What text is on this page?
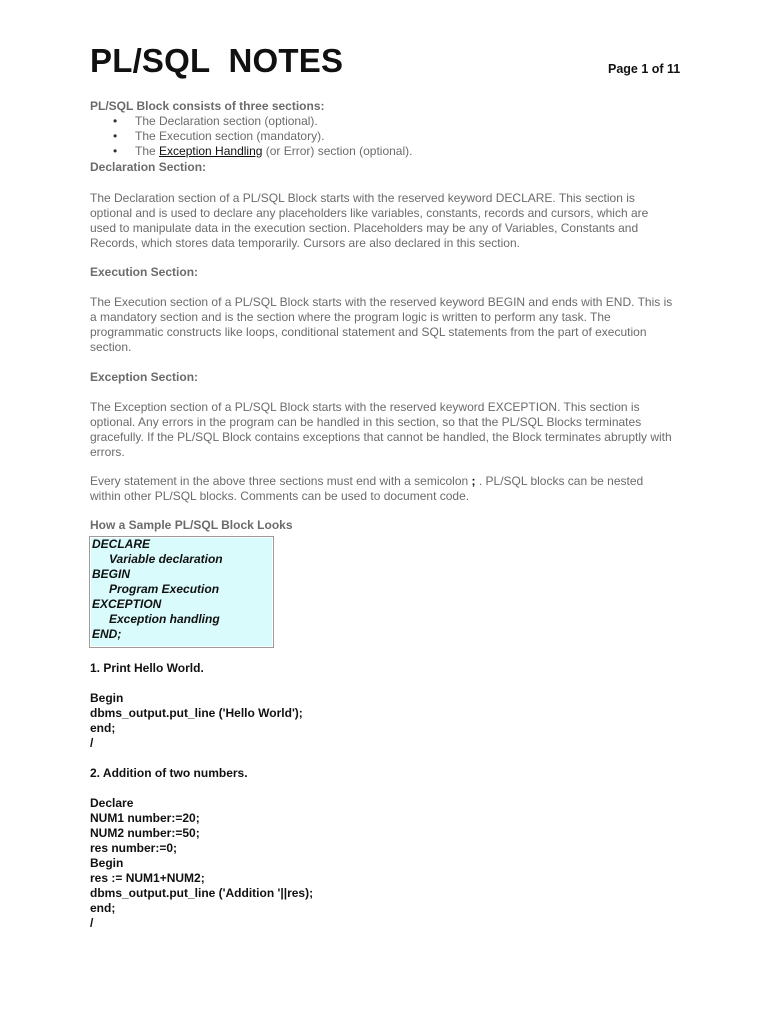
PL/SQL  NOTES	Page 1 of 11
PL/SQL Block consists of three sections:
• The Declaration section (optional).
• The Execution section (mandatory).
• The Exception Handling (or Error) section (optional).
Declaration Section:
The Declaration section of a PL/SQL Block starts with the reserved keyword DECLARE. This section is optional and is used to declare any placeholders like variables, constants, records and cursors, which are used to manipulate data in the execution section. Placeholders may be any of Variables, Constants and Records, which stores data temporarily. Cursors are also declared in this section.
Execution Section:
The Execution section of a PL/SQL Block starts with the reserved keyword BEGIN and ends with END. This is a mandatory section and is the section where the program logic is written to perform any task. The programmatic constructs like loops, conditional statement and SQL statements from the part of execution section.
Exception Section:
The Exception section of a PL/SQL Block starts with the reserved keyword EXCEPTION. This section is optional. Any errors in the program can be handled in this section, so that the PL/SQL Blocks terminates gracefully. If the PL/SQL Block contains exceptions that cannot be handled, the Block terminates abruptly with errors.
Every statement in the above three sections must end with a semicolon ; . PL/SQL blocks can be nested within other PL/SQL blocks. Comments can be used to document code.
How a Sample PL/SQL Block Looks
DECLARE
Variable declaration
BEGIN
Program Execution
EXCEPTION
Exception handling
END;
1. Print Hello World.
Begin
dbms_output.put_line ('Hello World');
end;
/
2. Addition of two numbers.
Declare
NUM1 number:=20;
NUM2 number:=50;
res number:=0;
Begin
res := NUM1+NUM2;
dbms_output.put_line ('Addition '||res);
end;
/
